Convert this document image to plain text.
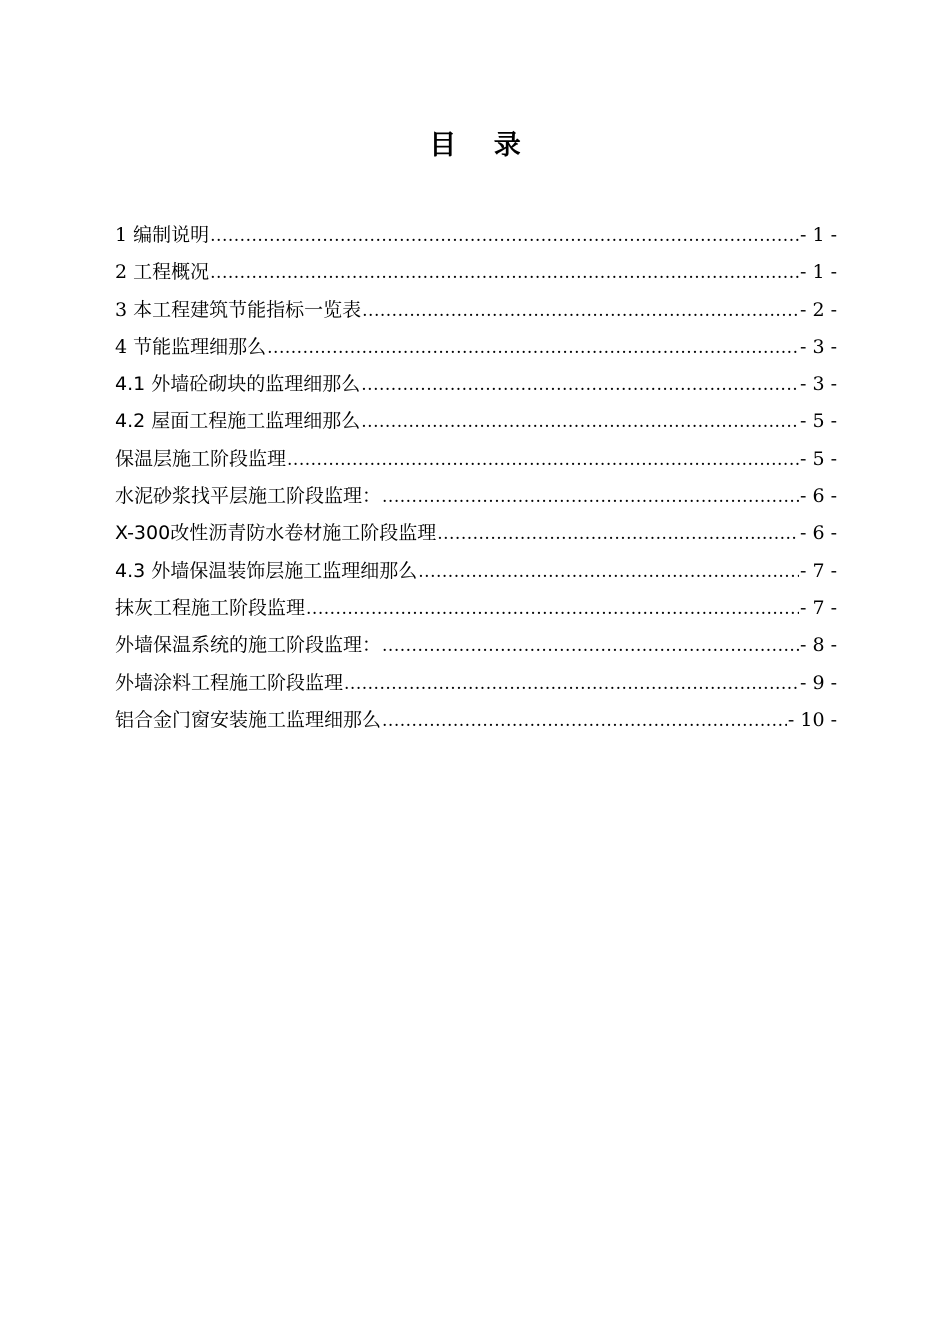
目 录
1 编制说明 .....	- 1 -
2 工程概况 .....	- 1 -
3 本工程建筑节能指标一览表 .....	- 2 -
4 节能监理细那么 .....	- 3 -
4.1 外墙砼砌块的监理细那么 .....	- 3 -
4.2 屋面工程施工监理细那么 .....	- 5 -
保温层施工阶段监理 .....	- 5 -
水泥砂浆找平层施工阶段监理： .....	- 6 -
X-300改性沥青防水卷材施工阶段监理 .....	- 6 -
4.3 外墙保温装饰层施工监理细那么 .....	- 7 -
抹灰工程施工阶段监理 .....	- 7 -
外墙保温系统的施工阶段监理： .....	- 8 -
外墙涂料工程施工阶段监理 .....	- 9 -
铝合金门窗安装施工监理细那么 .....	- 10 -
